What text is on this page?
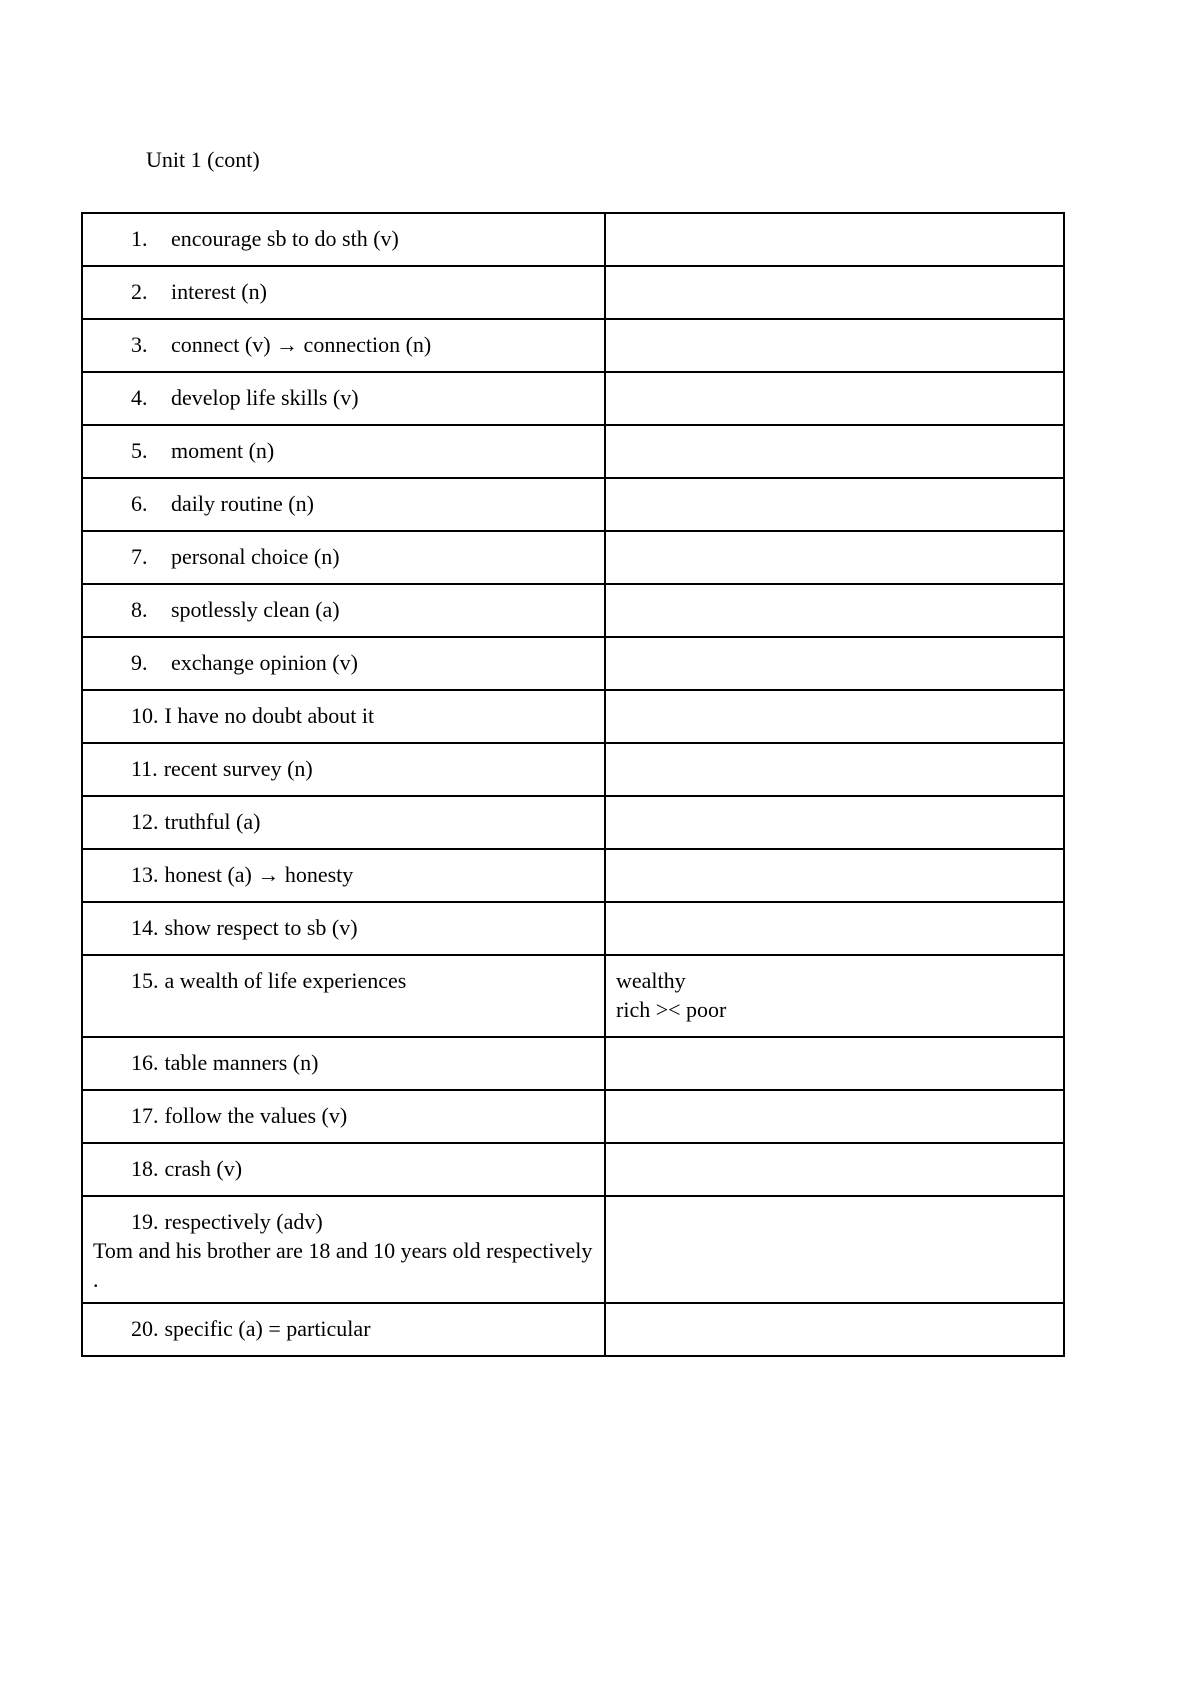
Unit 1 (cont)
1. encourage sb to do sth (v)	
2. interest (n)	
3. connect (v) → connection (n)	
4. develop life skills (v)	
5. moment (n)	
6. daily routine (n)	
7. personal choice (n)	
8. spotlessly clean (a)	
9. exchange opinion (v)	
10. I have no doubt about it	
11. recent survey (n)	
12. truthful (a)	
13. honest (a) → honesty	
14. show respect to sb (v)	
15. a wealth of life experiences	wealthy
rich >< poor

16. table manners (n)	
17. follow the values (v)	
18. crash (v)	

19. respectively (adv)
Tom and his brother are 18 and 10 years old respectively .	

20. specific (a) = particular	
